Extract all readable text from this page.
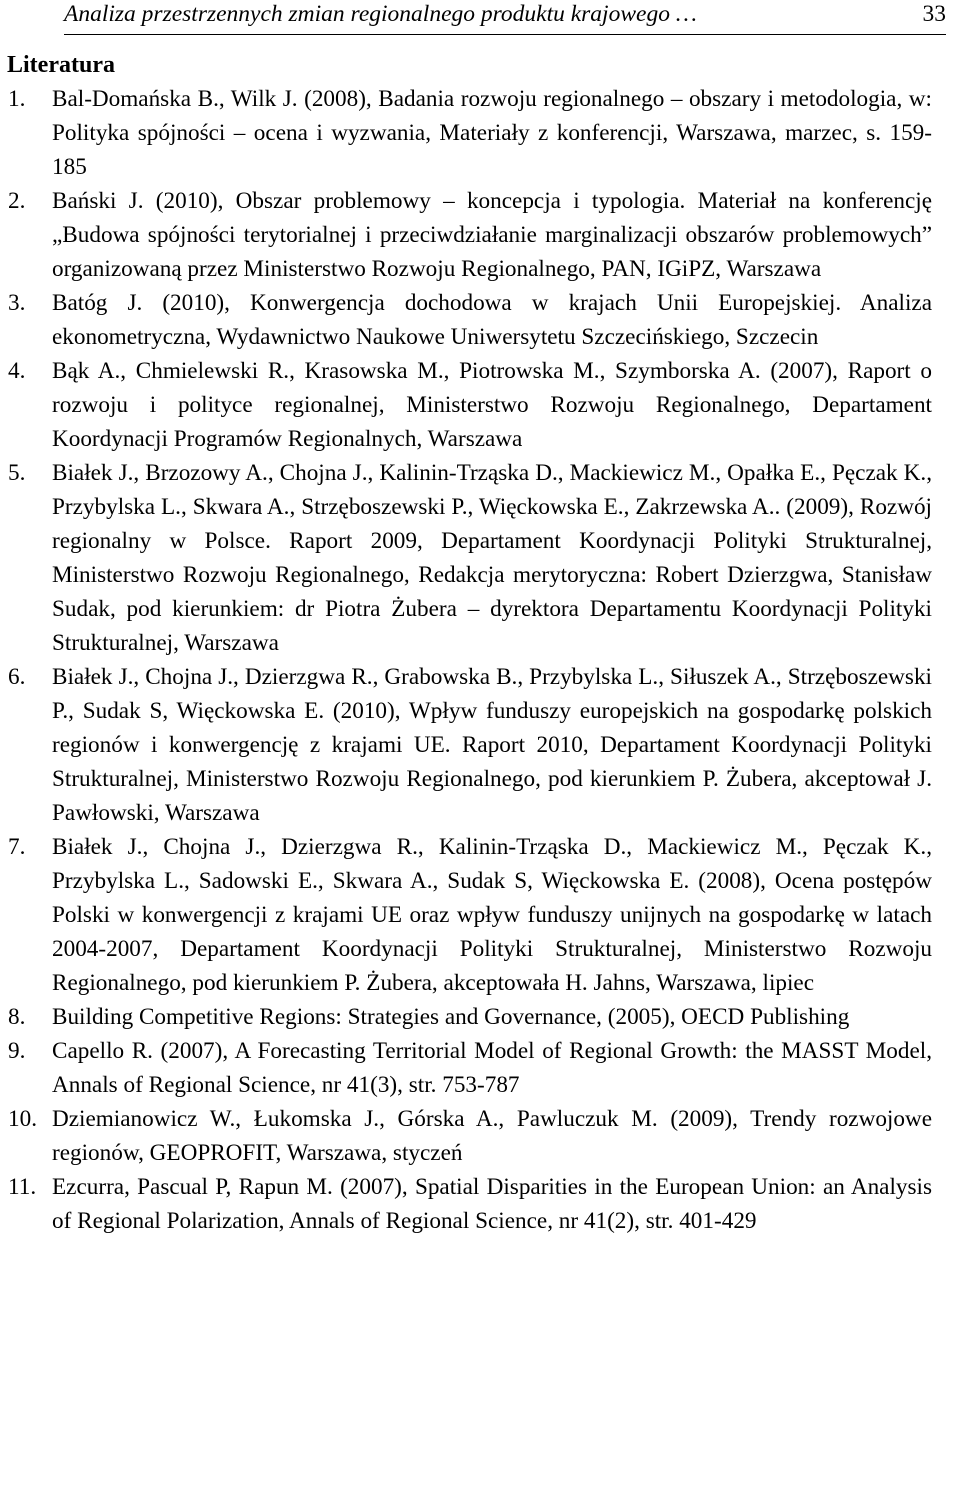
Analiza przestrzennych zmian regionalnego produktu krajowego …	33
Literatura
1. Bal-Domańska B., Wilk J. (2008), Badania rozwoju regionalnego – obszary i metodologia, w: Polityka spójności – ocena i wyzwania, Materiały z konferencji, Warszawa, marzec, s. 159-185
2. Bański J. (2010), Obszar problemowy – koncepcja i typologia. Materiał na konferencję „Budowa spójności terytorialnej i przeciwdziałanie marginalizacji obszarów problemowych” organizowaną przez Ministerstwo Rozwoju Regionalnego, PAN, IGiPZ, Warszawa
3. Batóg J. (2010), Konwergencja dochodowa w krajach Unii Europejskiej. Analiza ekonometryczna, Wydawnictwo Naukowe Uniwersytetu Szczecińskiego, Szczecin
4. Bąk A., Chmielewski R., Krasowska M., Piotrowska M., Szymborska A. (2007), Raport o rozwoju i polityce regionalnej, Ministerstwo Rozwoju Regionalnego, Departament Koordynacji Programów Regionalnych, Warszawa
5. Białek J., Brzozowy A., Chojna J., Kalinin-Trząska D., Mackiewicz M., Opałka E., Pęczak K., Przybylska L., Skwara A., Strzęboszewski P., Więckowska E., Zakrzewska A.. (2009), Rozwój regionalny w Polsce. Raport 2009, Departament Koordynacji Polityki Strukturalnej, Ministerstwo Rozwoju Regionalnego, Redakcja merytoryczna: Robert Dzierzgwa, Stanisław Sudak, pod kierunkiem: dr Piotra Żubera – dyrektora Departamentu Koordynacji Polityki Strukturalnej, Warszawa
6. Białek J., Chojna J., Dzierzgwa R., Grabowska B., Przybylska L., Siłuszek A., Strzęboszewski P., Sudak S, Więckowska E. (2010), Wpływ funduszy europejskich na gospodarkę polskich regionów i konwergencję z krajami UE. Raport 2010, Departament Koordynacji Polityki Strukturalnej, Ministerstwo Rozwoju Regionalnego, pod kierunkiem P. Żubera, akceptował J. Pawłowski, Warszawa
7. Białek J., Chojna J., Dzierzgwa R., Kalinin-Trząska D., Mackiewicz M., Pęczak K., Przybylska L., Sadowski E., Skwara A., Sudak S, Więckowska E. (2008), Ocena postępów Polski w konwergencji z krajami UE oraz wpływ funduszy unijnych na gospodarkę w latach 2004-2007, Departament Koordynacji Polityki Strukturalnej, Ministerstwo Rozwoju Regionalnego, pod kierunkiem P. Żubera, akceptowała H. Jahns, Warszawa, lipiec
8. Building Competitive Regions: Strategies and Governance, (2005), OECD Publishing
9. Capello R. (2007), A Forecasting Territorial Model of Regional Growth: the MASST Model, Annals of Regional Science, nr 41(3), str. 753-787
10. Dziemianowicz W., Łukomska J., Górska A., Pawluczuk M. (2009), Trendy rozwojowe regionów, GEOPROFIT, Warszawa, styczeń
11. Ezcurra, Pascual P, Rapun M. (2007), Spatial Disparities in the European Union: an Analysis of Regional Polarization, Annals of Regional Science, nr 41(2), str. 401-429
